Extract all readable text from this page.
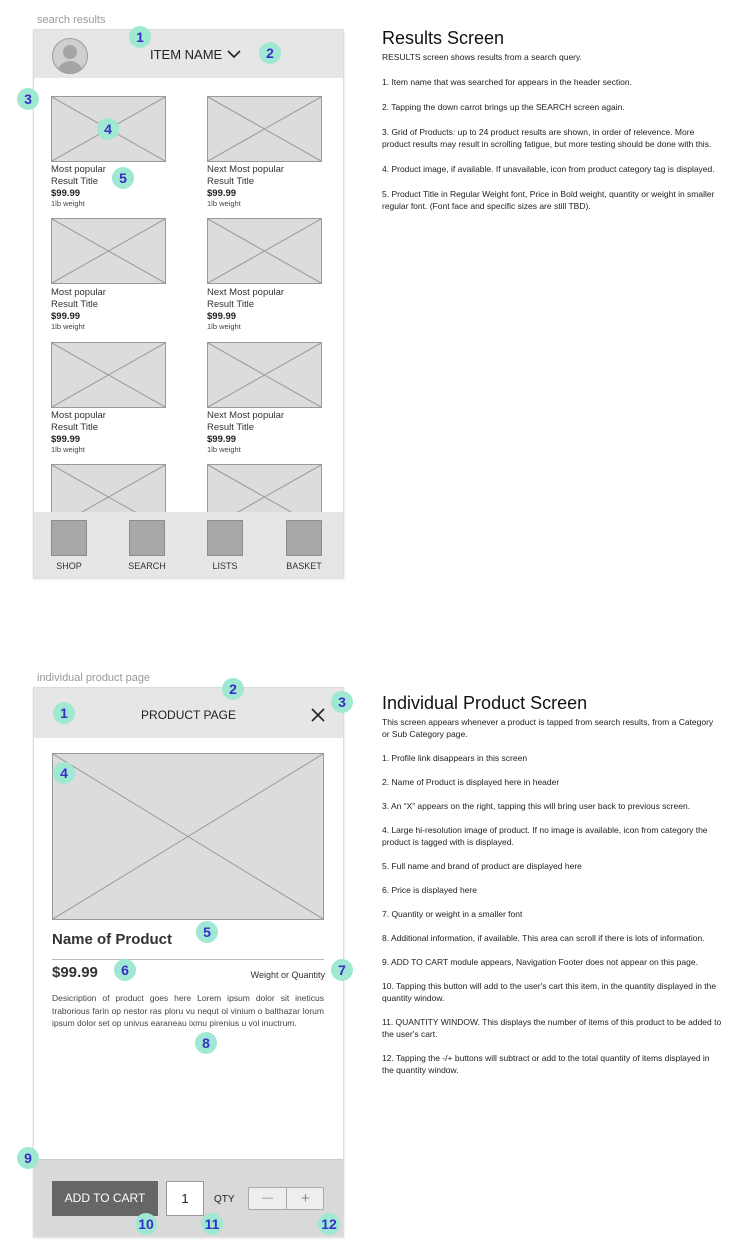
search results
ITEM NAME
Most popular
Result Title
$99.99
1lb weight
Next Most popular
Result Title
$99.99
1lb weight
Most popular
Result Title
$99.99
1lb weight
Next Most popular
Result Title
$99.99
1lb weight
Most popular
Result Title
$99.99
1lb weight
Next Most popular
Result Title
$99.99
1lb weight
SHOP	SEARCH	LISTS	BASKET
1
2
3
4
5
Results Screen
RESULTS screen shows results from a search query.
1. Item name that was searched for appears in the header section.
2. Tapping the down carrot brings up the SEARCH screen again.
3. Grid of Products: up to 24 product results are shown, in order of relevence. More product results may result in scrolling fatigue, but more testing should be done with this.
4. Product image, if available. If unavailable, icon from product category tag is displayed.
5. Product Title in Regular Weight font, Price in Bold weight, quantity or weight in smaller regular font. (Font face and specific sizes are still TBD).
individual product page
PRODUCT PAGE
Name of Product
$99.99	Weight or Quantity
Desicription of product goes here Lorem ipsum dolor sit ineticus traborious farin op nestor ras ploru vu nequt ol vinium o balthazar lorum ipsum dolor set op univus earaneau ixmu pirenius u vol inuctrum.
ADD TO CART	1	QTY	—	+
1
2
3
4
5
6	7
8
9
10	11	12
Individual Product Screen
This screen appears whenever a product is tapped from search results, from a Category or Sub Category page.
1. Profile link disappears in this screen
2. Name of Product is displayed here in header
3. An “X” appears on the right, tapping this will bring user back to previous screen.
4. Large hi-resolution image of product. If no image is available, icon from category the product is tagged with is displayed.
5. Full name and brand of product are displayed here
6. Price is displayed here
7. Quantity or weight in a smaller font
8. Additional information, if available. This area can scroll if there is lots of information.
9. ADD TO CART module appears, Navigation Footer does not appear on this page.
10. Tapping this button will add to the user's cart this item, in the quantity displayed in the quantity window.
11. QUANTITY WINDOW. This displays the number of items of this product to be added to the user's cart.
12. Tapping the -/+ buttons will subtract or add to the total quantity of items displayed in the quantity window.
